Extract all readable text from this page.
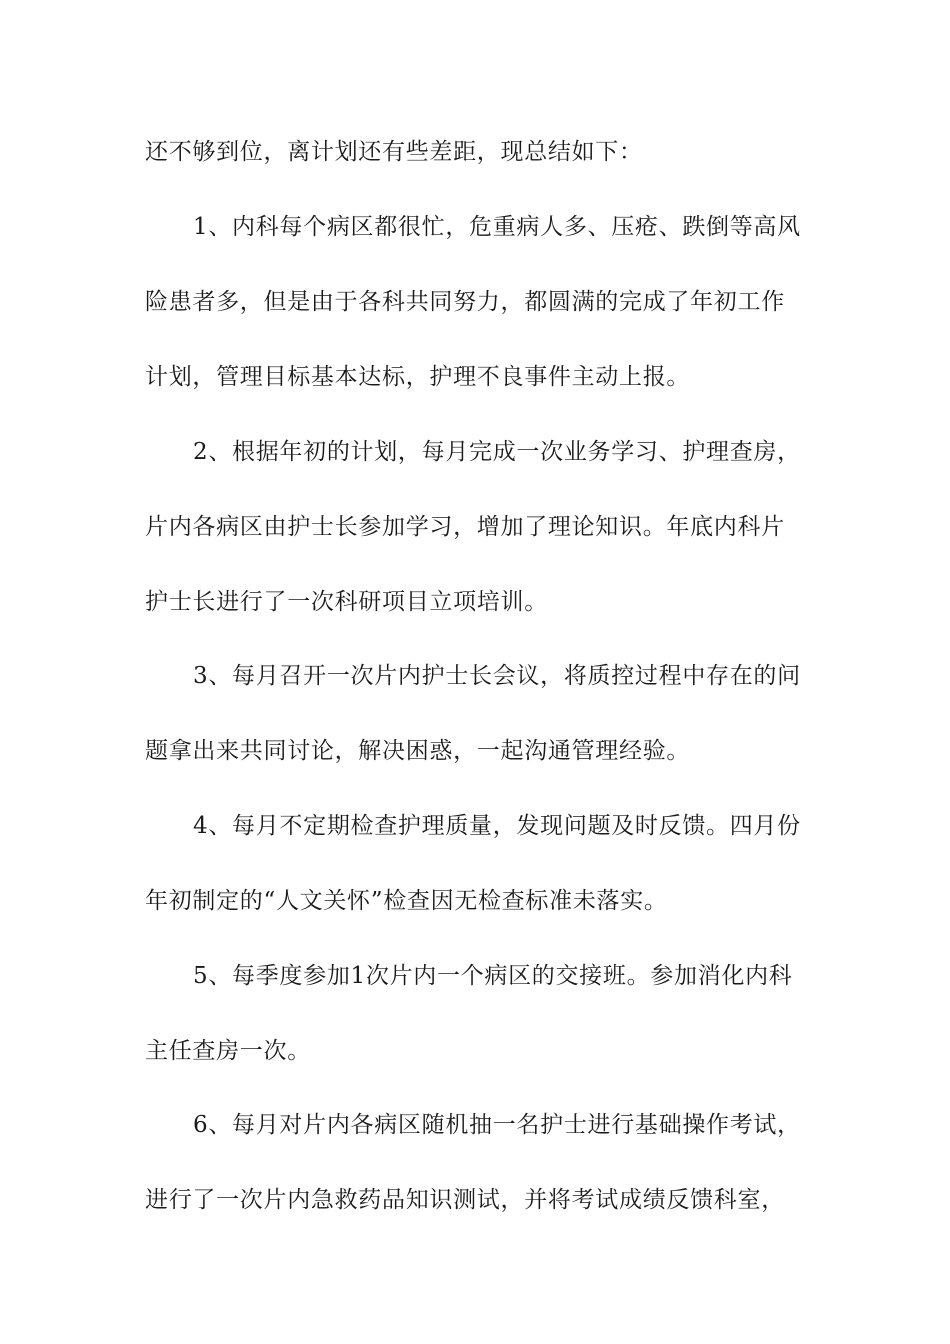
还不够到位，离计划还有些差距，现总结如下：
1、内科每个病区都很忙，危重病人多、压疮、跌倒等高风
险患者多，但是由于各科共同努力，都圆满的完成了年初工作
计划，管理目标基本达标，护理不良事件主动上报。
2、根据年初的计划，每月完成一次业务学习、护理查房，
片内各病区由护士长参加学习，增加了理论知识。年底内科片
护士长进行了一次科研项目立项培训。
3、每月召开一次片内护士长会议，将质控过程中存在的问
题拿出来共同讨论，解决困惑，一起沟通管理经验。
4、每月不定期检查护理质量，发现问题及时反馈。四月份
年初制定的“人文关怀”检查因无检查标准未落实。
5、每季度参加1次片内一个病区的交接班。参加消化内科
主任查房一次。
6、每月对片内各病区随机抽一名护士进行基础操作考试，
进行了一次片内急救药品知识测试，并将考试成绩反馈科室，
